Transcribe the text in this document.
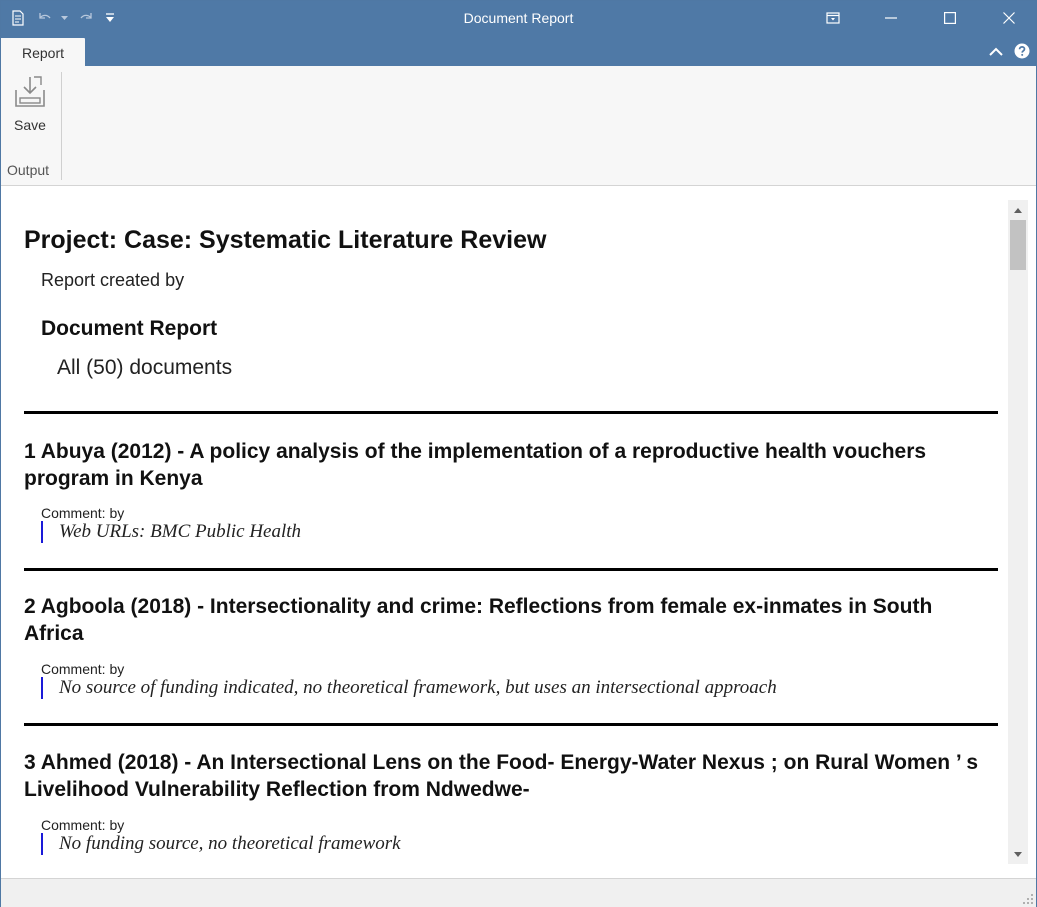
Document Report
Report
Save
Output
Project: Case: Systematic Literature Review
Report created by
Document Report
All (50) documents
1 Abuya (2012) - A policy analysis of the implementation of a reproductive health vouchers program in Kenya
Comment: by
Web URLs: BMC Public Health
2 Agboola (2018) - Intersectionality and crime: Reflections from female ex-inmates in South Africa
Comment: by
No source of funding indicated, no theoretical framework, but uses an intersectional approach
3 Ahmed (2018) - An Intersectional Lens on the Food- Energy-Water Nexus ; on Rural Women ’ s Livelihood Vulnerability Reflection from Ndwedwe-
Comment: by
No funding source, no theoretical framework
